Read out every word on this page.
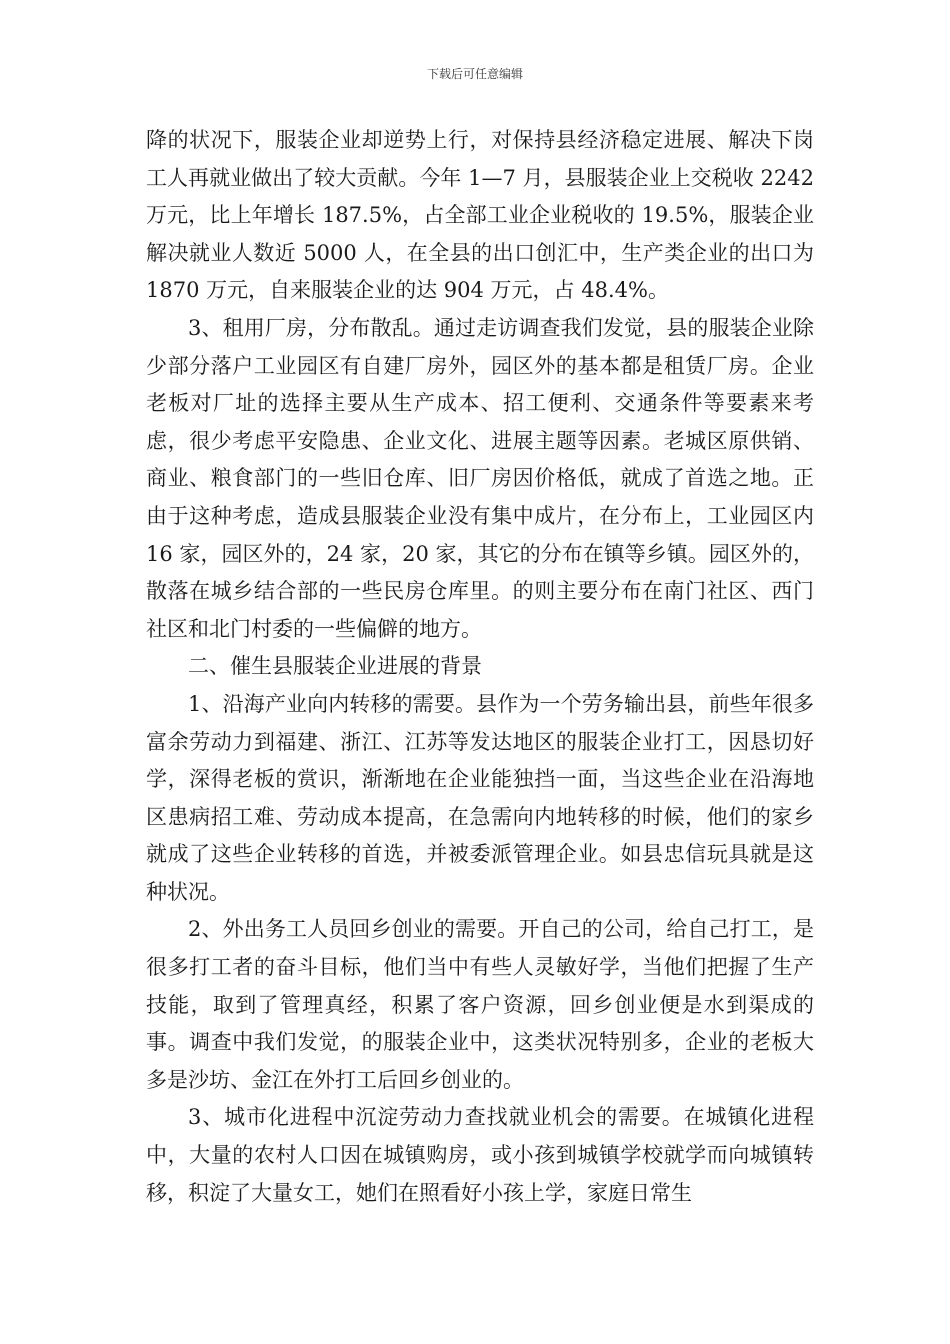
下载后可任意编辑

降的状况下，服装企业却逆势上行，对保持县经济稳定进展、解决下岗工人再就业做出了较大贡献。今年 1—7 月，县服装企业上交税收 2242 万元，比上年增长 187.5%，占全部工业企业税收的 19.5%，服装企业解决就业人数近 5000 人，在全县的出口创汇中，生产类企业的出口为 1870 万元，自来服装企业的达 904 万元，占 48.4%。

3、租用厂房，分布散乱。通过走访调查我们发觉，县的服装企业除少部分落户工业园区有自建厂房外，园区外的基本都是租赁厂房。企业老板对厂址的选择主要从生产成本、招工便利、交通条件等要素来考虑，很少考虑平安隐患、企业文化、进展主题等因素。老城区原供销、商业、粮食部门的一些旧仓库、旧厂房因价格低，就成了首选之地。正由于这种考虑，造成县服装企业没有集中成片，在分布上，工业园区内 16 家，园区外的，24 家，20 家，其它的分布在镇等乡镇。园区外的，散落在城乡结合部的一些民房仓库里。的则主要分布在南门社区、西门社区和北门村委的一些偏僻的地方。

二、催生县服装企业进展的背景

1、沿海产业向内转移的需要。县作为一个劳务输出县，前些年很多富余劳动力到福建、浙江、江苏等发达地区的服装企业打工，因恳切好学，深得老板的赏识，渐渐地在企业能独挡一面，当这些企业在沿海地区患病招工难、劳动成本提高，在急需向内地转移的时候，他们的家乡就成了这些企业转移的首选，并被委派管理企业。如县忠信玩具就是这种状况。

2、外出务工人员回乡创业的需要。开自己的公司，给自己打工，是很多打工者的奋斗目标，他们当中有些人灵敏好学，当他们把握了生产技能，取到了管理真经，积累了客户资源，回乡创业便是水到渠成的事。调查中我们发觉，的服装企业中，这类状况特别多，企业的老板大多是沙坊、金江在外打工后回乡创业的。

3、城市化进程中沉淀劳动力查找就业机会的需要。在城镇化进程中，大量的农村人口因在城镇购房，或小孩到城镇学校就学而向城镇转移，积淀了大量女工，她们在照看好小孩上学，家庭日常生
